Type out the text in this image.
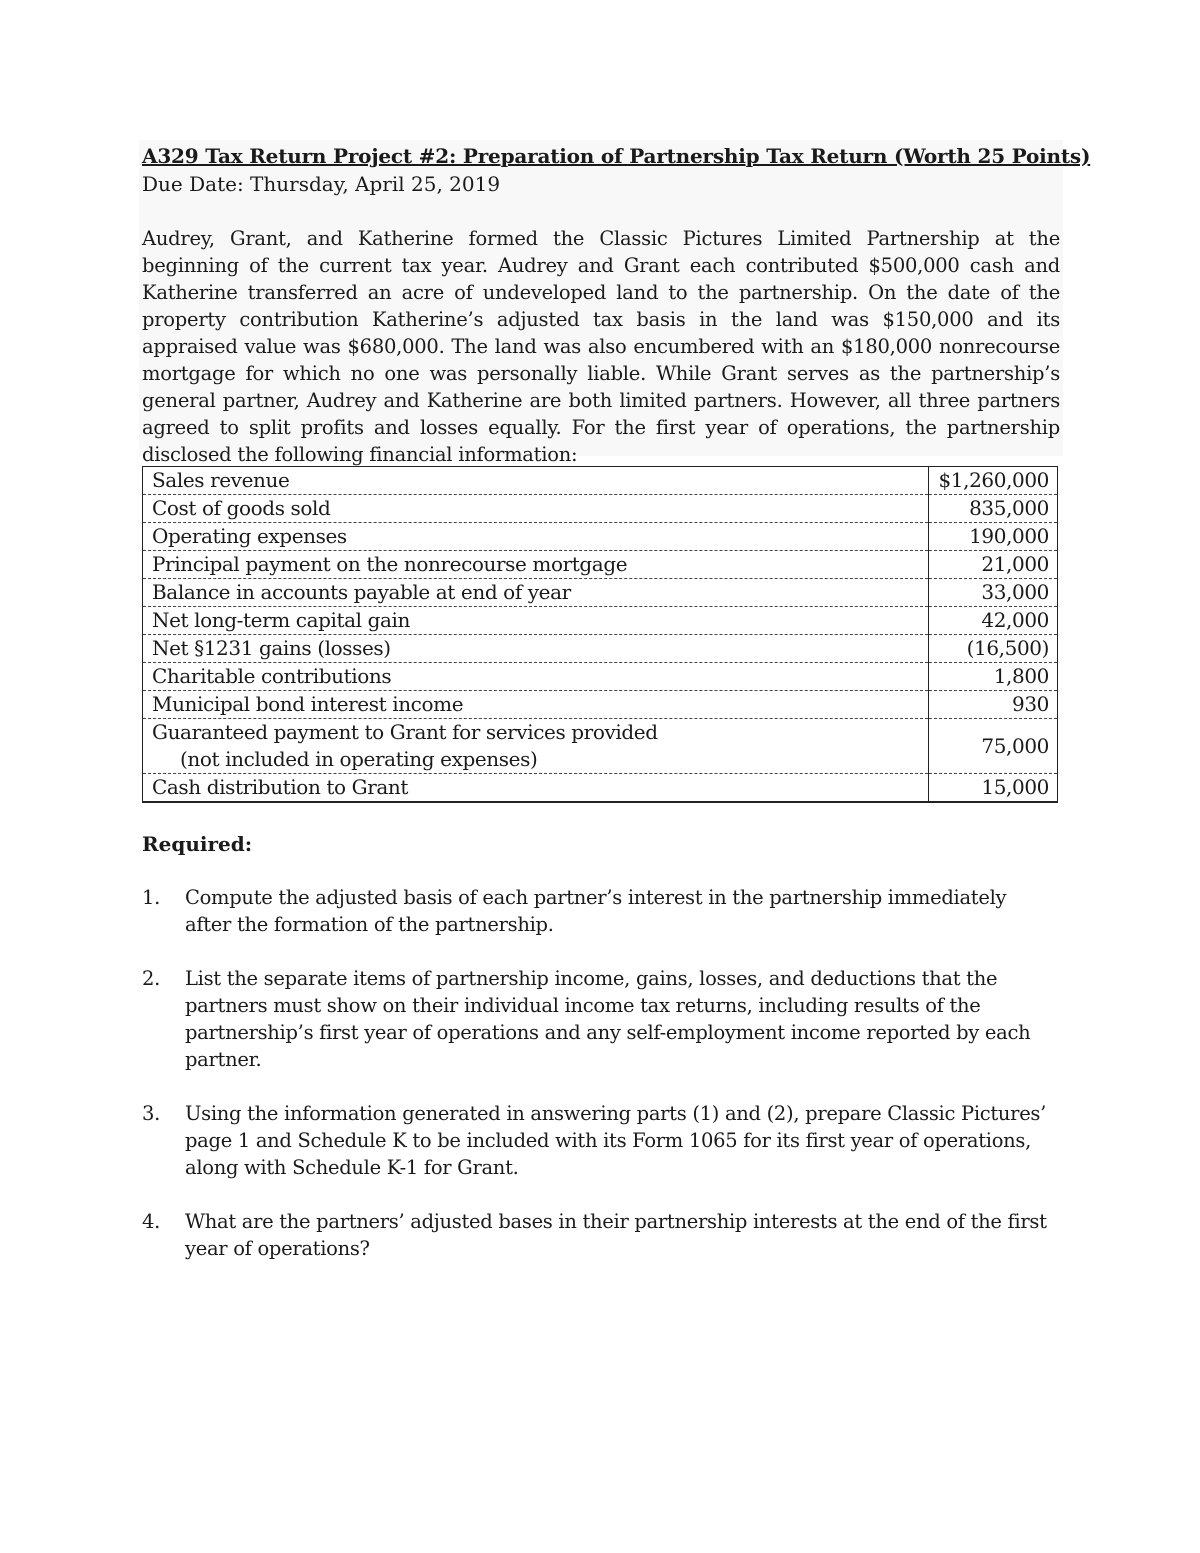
A329 Tax Return Project #2: Preparation of Partnership Tax Return (Worth 25 Points)
Due Date: Thursday, April 25, 2019

Audrey, Grant, and Katherine formed the Classic Pictures Limited Partnership at the beginning of the current tax year. Audrey and Grant each contributed $500,000 cash and Katherine transferred an acre of undeveloped land to the partnership. On the date of the property contribution Katherine’s adjusted tax basis in the land was $150,000 and its appraised value was $680,000. The land was also encumbered with an $180,000 nonrecourse mortgage for which no one was personally liable. While Grant serves as the partnership’s general partner, Audrey and Katherine are both limited partners. However, all three partners agreed to split profits and losses equally. For the first year of operations, the partnership disclosed the following financial information:

Sales revenue	$1,260,000
Cost of goods sold	835,000
Operating expenses	190,000
Principal payment on the nonrecourse mortgage	21,000
Balance in accounts payable at end of year	33,000
Net long-term capital gain	42,000
Net §1231 gains (losses)	(16,500)
Charitable contributions	1,800
Municipal bond interest income	930
Guaranteed payment to Grant for services provided
(not included in operating expenses)	75,000
Cash distribution to Grant	15,000
Required:
1. Compute the adjusted basis of each partner’s interest in the partnership immediately after the formation of the partnership.
2. List the separate items of partnership income, gains, losses, and deductions that the partners must show on their individual income tax returns, including results of the partnership’s first year of operations and any self-employment income reported by each partner.
3. Using the information generated in answering parts (1) and (2), prepare Classic Pictures’ page 1 and Schedule K to be included with its Form 1065 for its first year of operations, along with Schedule K-1 for Grant.
4. What are the partners’ adjusted bases in their partnership interests at the end of the first year of operations?
